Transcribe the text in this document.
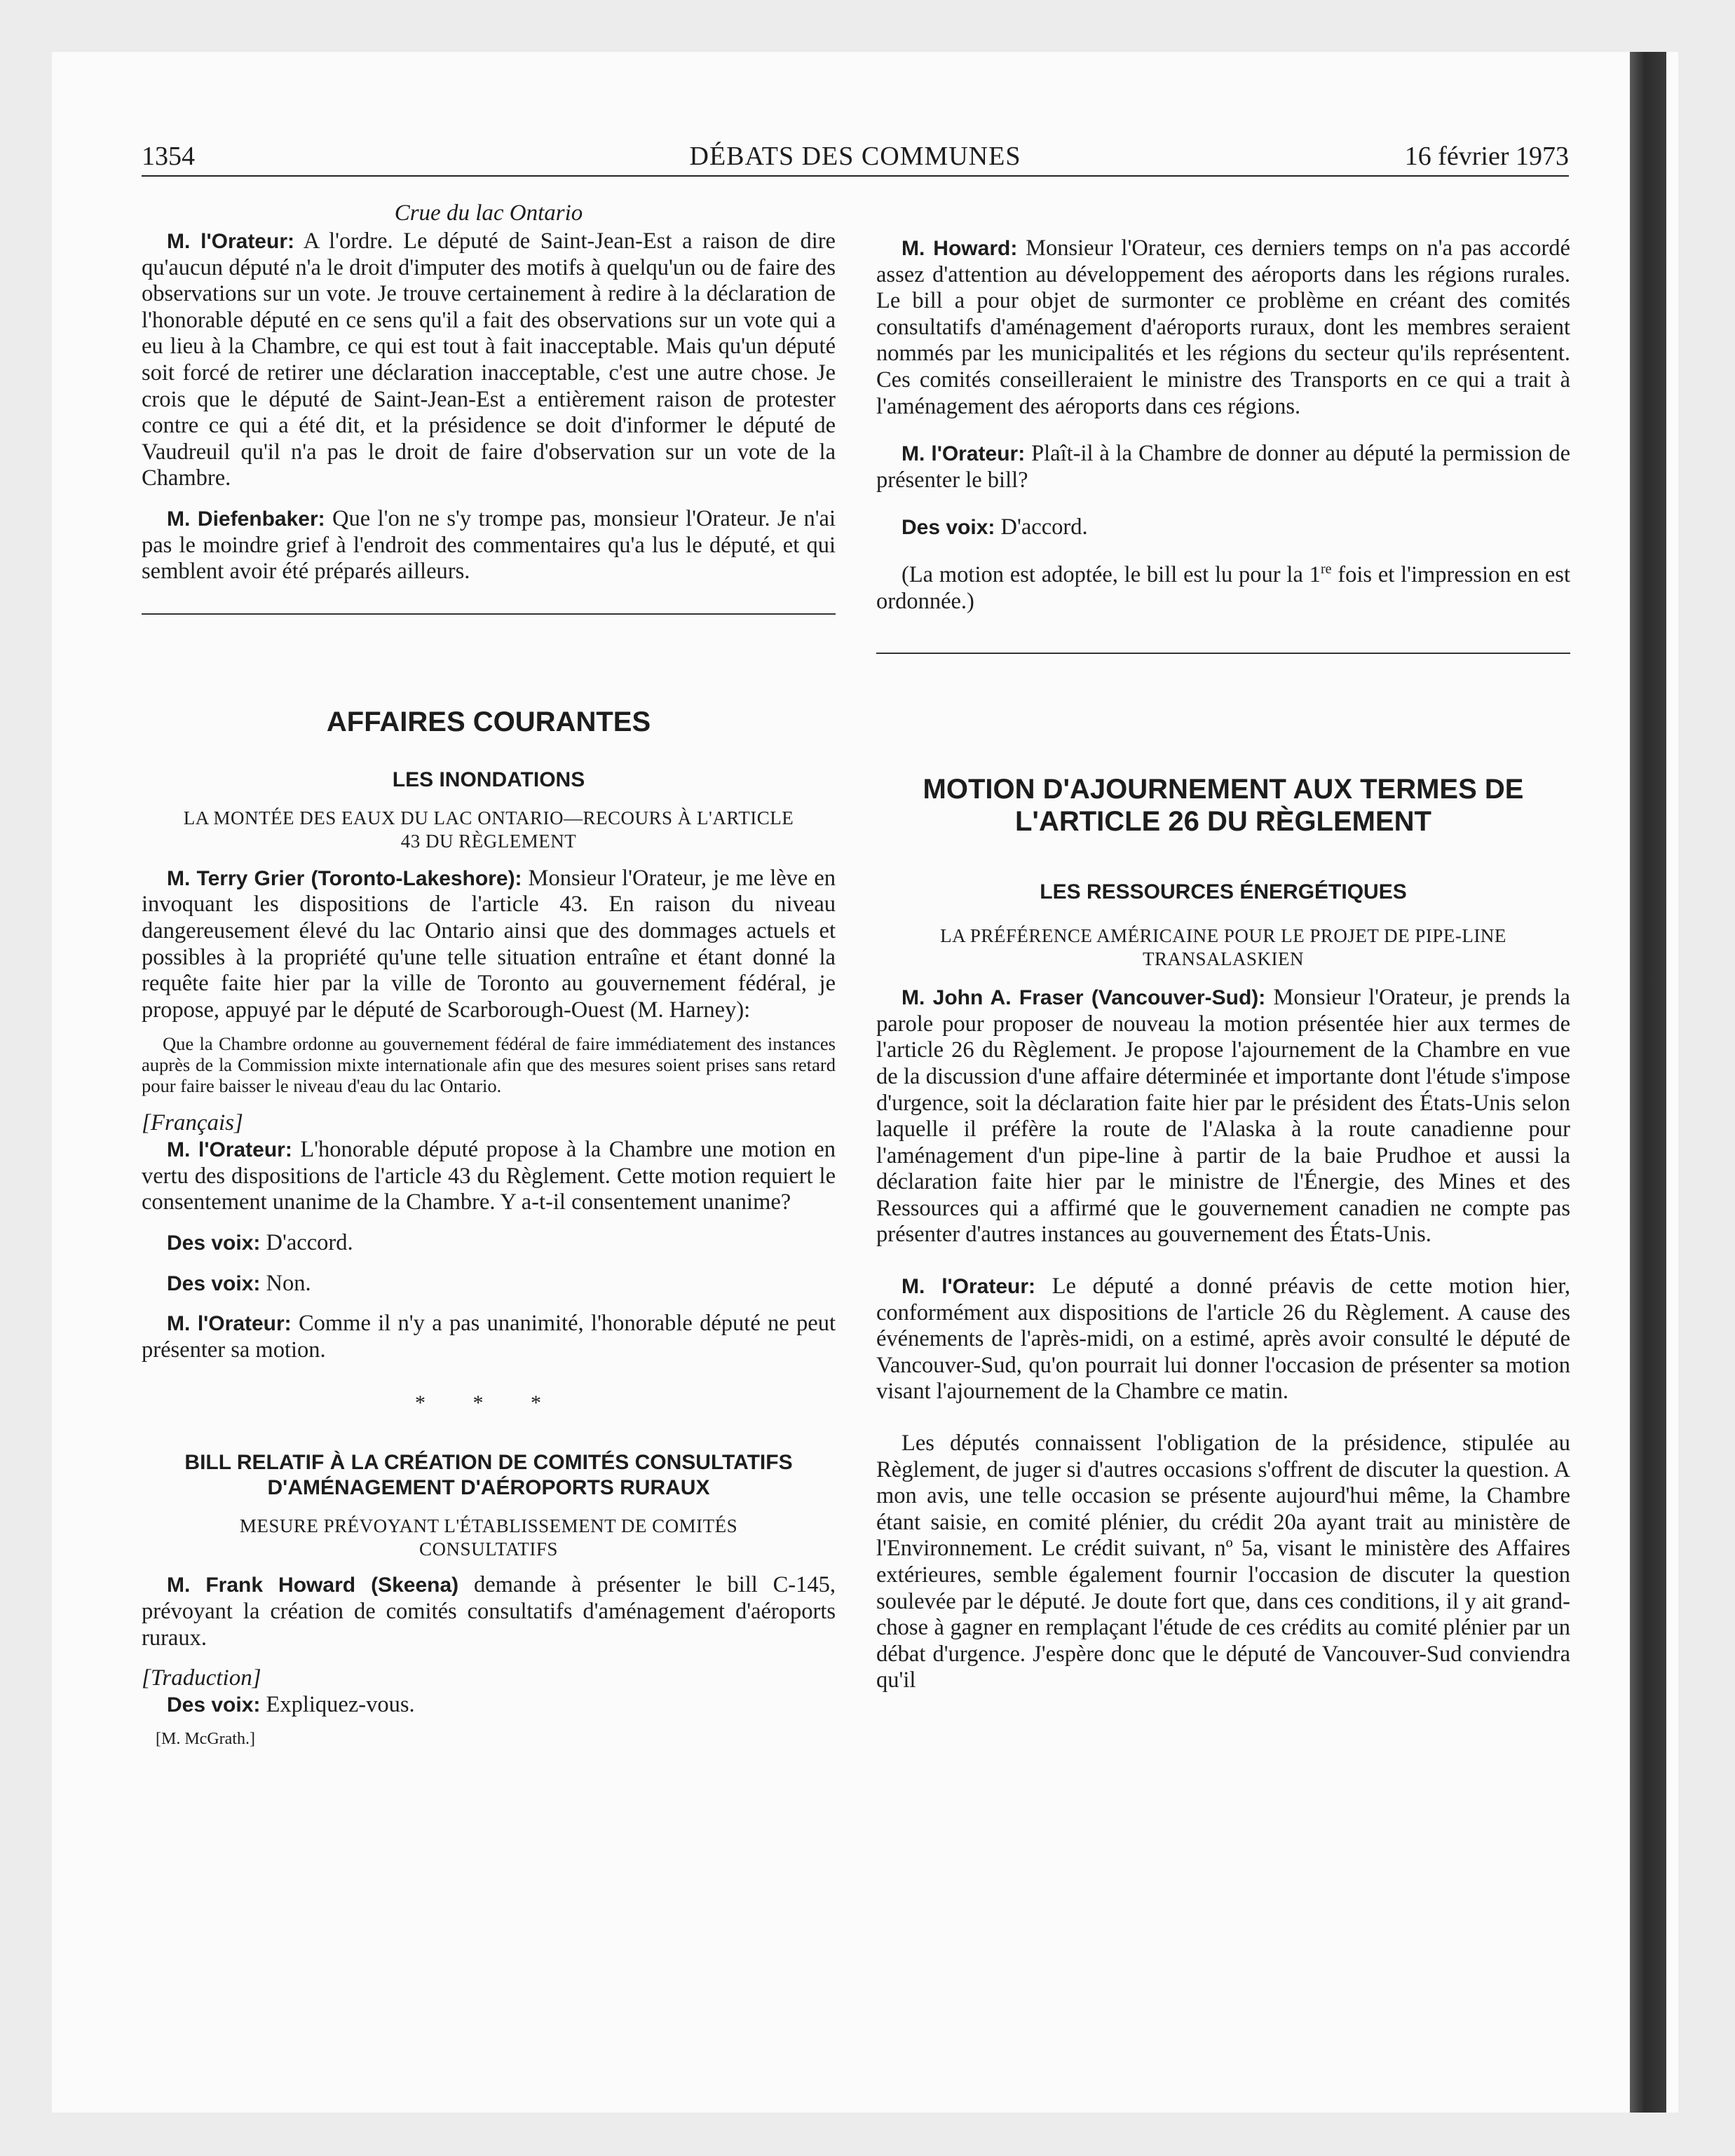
1354	DÉBATS DES COMMUNES	16 février 1973
Crue du lac Ontario

M. l'Orateur: A l'ordre. Le député de Saint-Jean-Est a raison de dire qu'aucun député n'a le droit d'imputer des motifs à quelqu'un ou de faire des observations sur un vote. Je trouve certainement à redire à la déclaration de l'honorable député en ce sens qu'il a fait des observations sur un vote qui a eu lieu à la Chambre, ce qui est tout à fait inacceptable. Mais qu'un député soit forcé de retirer une déclaration inacceptable, c'est une autre chose. Je crois que le député de Saint-Jean-Est a entièrement raison de protester contre ce qui a été dit, et la présidence se doit d'informer le député de Vaudreuil qu'il n'a pas le droit de faire d'observation sur un vote de la Chambre.

M. Diefenbaker: Que l'on ne s'y trompe pas, monsieur l'Orateur. Je n'ai pas le moindre grief à l'endroit des commentaires qu'a lus le député, et qui semblent avoir été préparés ailleurs.

AFFAIRES COURANTES
LES INONDATIONS
LA MONTÉE DES EAUX DU LAC ONTARIO—RECOURS À L'ARTICLE 43 DU RÈGLEMENT

M. Terry Grier (Toronto-Lakeshore): Monsieur l'Orateur, je me lève en invoquant les dispositions de l'article 43. En raison du niveau dangereusement élevé du lac Ontario ainsi que des dommages actuels et possibles à la propriété qu'une telle situation entraîne et étant donné la requête faite hier par la ville de Toronto au gouvernement fédéral, je propose, appuyé par le député de Scarborough-Ouest (M. Harney):

Que la Chambre ordonne au gouvernement fédéral de faire immédiatement des instances auprès de la Commission mixte internationale afin que des mesures soient prises sans retard pour faire baisser le niveau d'eau du lac Ontario.

[Français]

M. l'Orateur: L'honorable député propose à la Chambre une motion en vertu des dispositions de l'article 43 du Règlement. Cette motion requiert le consentement unanime de la Chambre. Y a-t-il consentement unanime?

Des voix: D'accord.

Des voix: Non.

M. l'Orateur: Comme il n'y a pas unanimité, l'honorable député ne peut présenter sa motion.

* * *
BILL RELATIF À LA CRÉATION DE COMITÉS CONSULTATIFS D'AMÉNAGEMENT D'AÉROPORTS RURAUX
MESURE PRÉVOYANT L'ÉTABLISSEMENT DE COMITÉS CONSULTATIFS

M. Frank Howard (Skeena) demande à présenter le bill C-145, prévoyant la création de comités consultatifs d'aménagement d'aéroports ruraux.

[Traduction]

Des voix: Expliquez-vous.

[M. McGrath.]

M. Howard: Monsieur l'Orateur, ces derniers temps on n'a pas accordé assez d'attention au développement des aéroports dans les régions rurales. Le bill a pour objet de surmonter ce problème en créant des comités consultatifs d'aménagement d'aéroports ruraux, dont les membres seraient nommés par les municipalités et les régions du secteur qu'ils représentent. Ces comités conseilleraient le ministre des Transports en ce qui a trait à l'aménagement des aéroports dans ces régions.

M. l'Orateur: Plaît-il à la Chambre de donner au député la permission de présenter le bill?

Des voix: D'accord.

(La motion est adoptée, le bill est lu pour la 1re fois et l'impression en est ordonnée.)

MOTION D'AJOURNEMENT AUX TERMES DE L'ARTICLE 26 DU RÈGLEMENT
LES RESSOURCES ÉNERGÉTIQUES
LA PRÉFÉRENCE AMÉRICAINE POUR LE PROJET DE PIPE-LINE TRANSALASKIEN

M. John A. Fraser (Vancouver-Sud): Monsieur l'Orateur, je prends la parole pour proposer de nouveau la motion présentée hier aux termes de l'article 26 du Règlement. Je propose l'ajournement de la Chambre en vue de la discussion d'une affaire déterminée et importante dont l'étude s'impose d'urgence, soit la déclaration faite hier par le président des États-Unis selon laquelle il préfère la route de l'Alaska à la route canadienne pour l'aménagement d'un pipe-line à partir de la baie Prudhoe et aussi la déclaration faite hier par le ministre de l'Énergie, des Mines et des Ressources qui a affirmé que le gouvernement canadien ne compte pas présenter d'autres instances au gouvernement des États-Unis.

M. l'Orateur: Le député a donné préavis de cette motion hier, conformément aux dispositions de l'article 26 du Règlement. A cause des événements de l'après-midi, on a estimé, après avoir consulté le député de Vancouver-Sud, qu'on pourrait lui donner l'occasion de présenter sa motion visant l'ajournement de la Chambre ce matin.

Les députés connaissent l'obligation de la présidence, stipulée au Règlement, de juger si d'autres occasions s'offrent de discuter la question. A mon avis, une telle occasion se présente aujourd'hui même, la Chambre étant saisie, en comité plénier, du crédit 20a ayant trait au ministère de l'Environnement. Le crédit suivant, nº 5a, visant le ministère des Affaires extérieures, semble également fournir l'occasion de discuter la question soulevée par le député. Je doute fort que, dans ces conditions, il y ait grand-chose à gagner en remplaçant l'étude de ces crédits au comité plénier par un débat d'urgence. J'espère donc que le député de Vancouver-Sud conviendra qu'il
